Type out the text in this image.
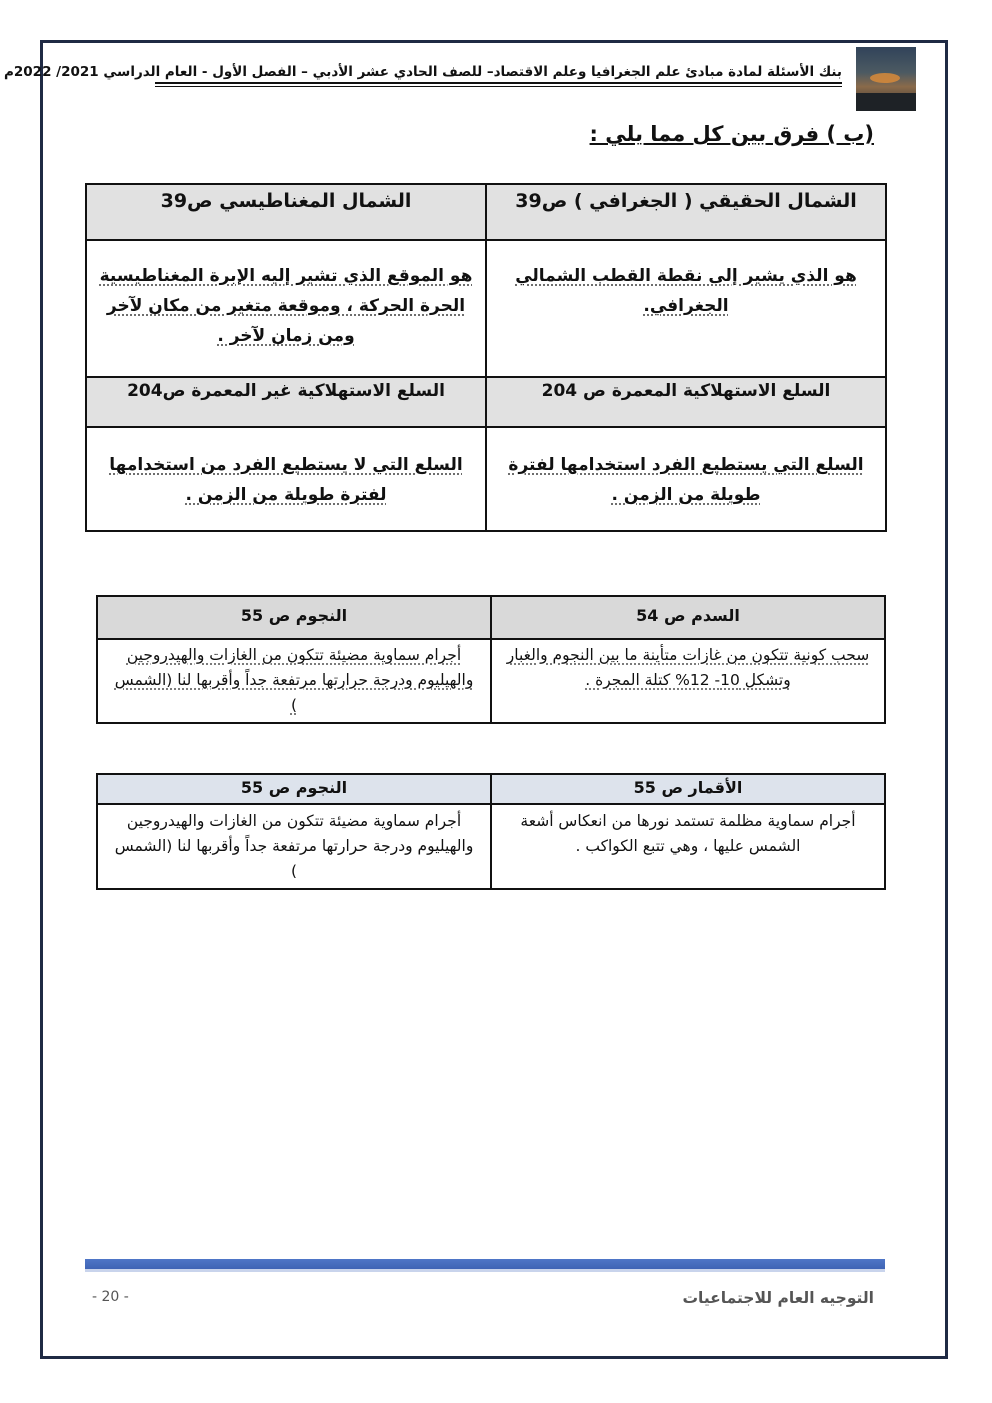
بنك الأسئلة لمادة مبادئ علم الجغرافيا وعلم الاقتصاد– للصف الحادي عشر الأدبي – الفصل الأول - العام الدراسي 2021/ 2022م
(ب ) فرق بين كل مما يلي :
الشمال الحقيقي ( الجغرافي ) ص39	الشمال المغناطيسي ص39
هو الذي يشير إلى نقطة القطب الشمالي الجغرافي.	هو الموقع الذي تشير إليه الإبرة المغناطيسية الحرة الحركة ، وموقعة متغير من مكان لآخر ومن زمان لآخر .
السلع الاستهلاكية المعمرة ص 204	السلع الاستهلاكية غير المعمرة ص204
السلع التي يستطيع الفرد استخدامها لفترة طويلة من الزمن .	السلع التي لا يستطيع الفرد من استخدامها لفترة طويلة من الزمن .
السدم ص 54	النجوم ص 55
سحب كونية تتكون من غازات متأينة ما بين النجوم والغبار وتشكل 10- 12% كتلة المجرة .	أجرام سماوية مضيئة تتكون من الغازات والهيدروجين والهيليوم ودرجة حرارتها مرتفعة جداً وأقربها لنا (الشمس )
الأقمار ص 55	النجوم ص 55
أجرام سماوية مظلمة تستمد نورها من انعكاس أشعة الشمس عليها ، وهي تتبع الكواكب .	أجرام سماوية مضيئة تتكون من الغازات والهيدروجين والهيليوم ودرجة حرارتها مرتفعة جداً وأقربها لنا (الشمس )
- 20 -	التوجيه العام للاجتماعيات
